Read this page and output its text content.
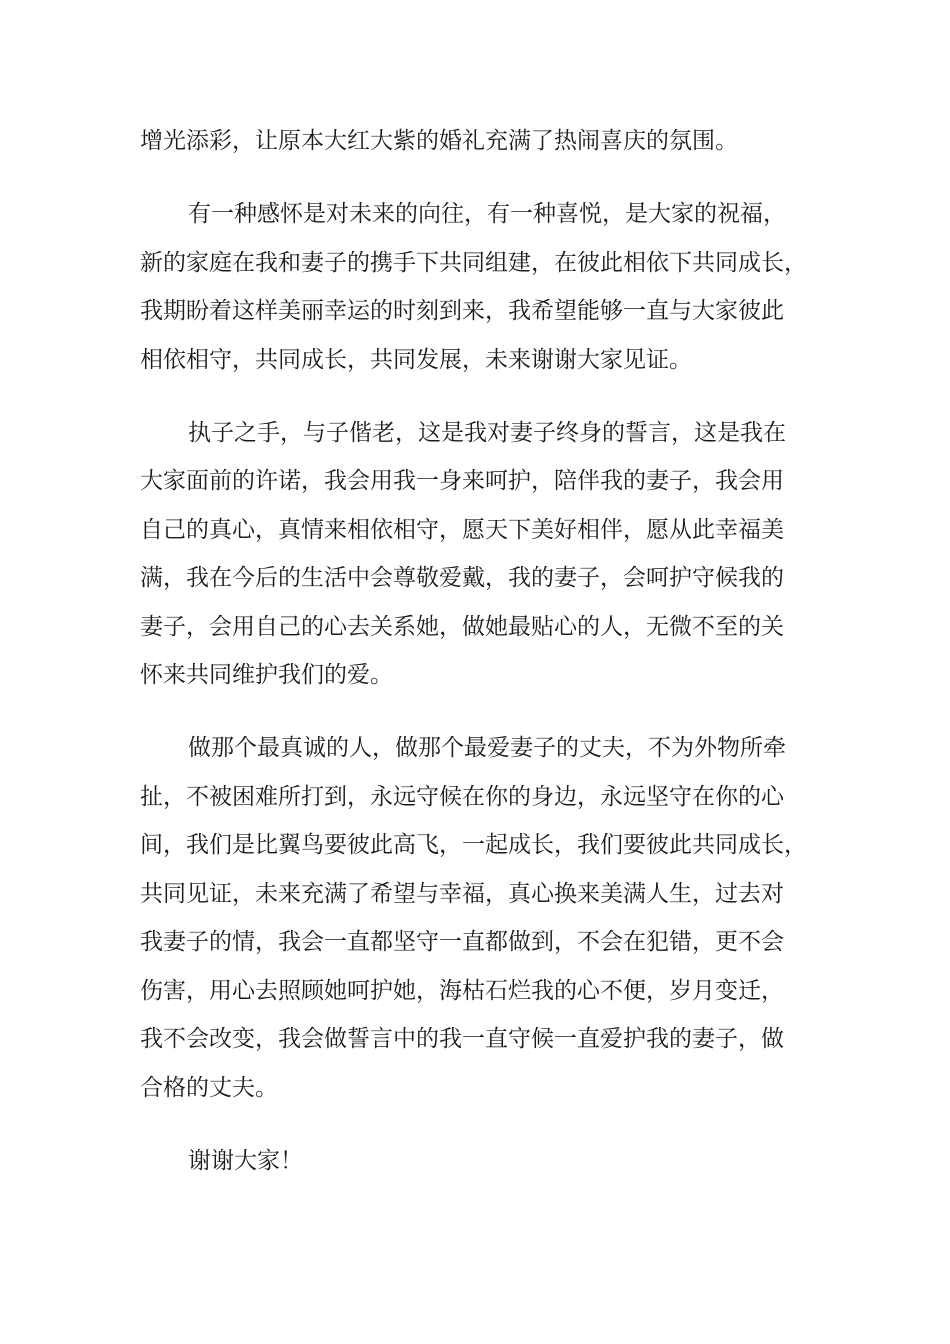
增光添彩，让原本大红大紫的婚礼充满了热闹喜庆的氛围。

有一种感怀是对未来的向往，有一种喜悦，是大家的祝福，
新的家庭在我和妻子的携手下共同组建，在彼此相依下共同成长，
我期盼着这样美丽幸运的时刻到来，我希望能够一直与大家彼此
相依相守，共同成长，共同发展，未来谢谢大家见证。

执子之手，与子偕老，这是我对妻子终身的誓言，这是我在
大家面前的许诺，我会用我一身来呵护，陪伴我的妻子，我会用
自己的真心，真情来相依相守，愿天下美好相伴，愿从此幸福美
满，我在今后的生活中会尊敬爱戴，我的妻子，会呵护守候我的
妻子，会用自己的心去关系她，做她最贴心的人，无微不至的关
怀来共同维护我们的爱。

做那个最真诚的人，做那个最爱妻子的丈夫，不为外物所牵
扯，不被困难所打到，永远守候在你的身边，永远坚守在你的心
间，我们是比翼鸟要彼此高飞，一起成长，我们要彼此共同成长，
共同见证，未来充满了希望与幸福，真心换来美满人生，过去对
我妻子的情，我会一直都坚守一直都做到，不会在犯错，更不会
伤害，用心去照顾她呵护她，海枯石烂我的心不便，岁月变迁，
我不会改变，我会做誓言中的我一直守候一直爱护我的妻子，做
合格的丈夫。

谢谢大家！
